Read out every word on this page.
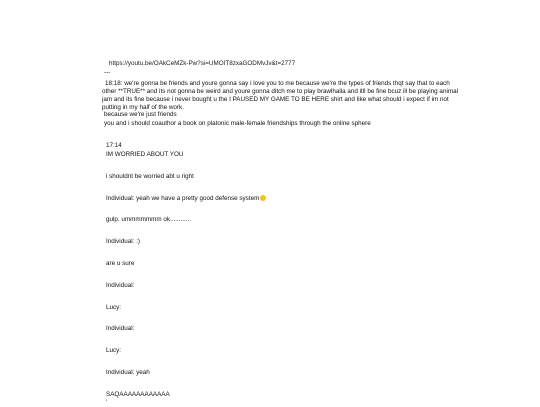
https://youtu.be/OAkCeMZk-Pw?si=UMOIT8zxaGODMvJv&t=2777
---
18:18: we're gonna be friends and youre gonna say i love you to me because we're the types of friends thqt say that to each other **TRUE** and its not gonna be weird and youre gonna ditch me to play brawlhalla and itll be fine bcuz ill be playing animal jam and its fine because i never bought u the I PAUSED MY GAME TO BE HERE shirt and like what should i expect if im not putting in my half of the work.
because we're just friends
you and i should coauthor a book on platonic male-female friendships through the online sphere
17:14
IM WORRIED ABOUT YOU
i shouldnt be worried abt u right
Individual: yeah we have a pretty good defense system
gulp. ummmmmmm ok............
Individual: :)
are u sure
Individual:
Lucy:
Individual:
Lucy:
Individual: yeah
SAQAAAAAAAAAAAA
'
